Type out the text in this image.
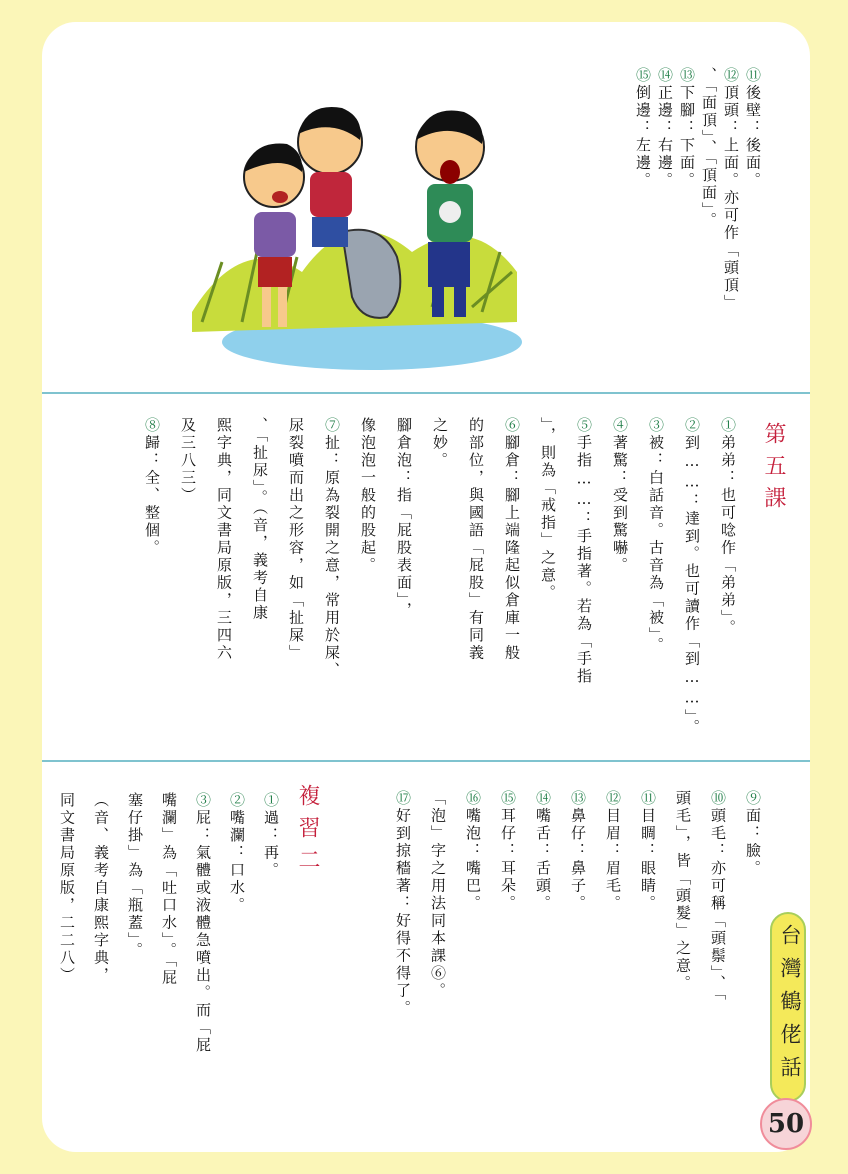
第五課
複習二
⑪後壁：後面。
⑫頂頭：上面。亦可作「頭頂」
、「面頂」、「頂面」。
⑬下腳：下面。
⑭正邊：右邊。
⑮倒邊：左邊。
①弟弟：也可唸作「弟弟」。
②到……：達到。也可讀作「到……」。
③被：白話音。古音為「被」。
④著驚：受到驚嚇。
⑤手指……：手指著。若為「手指
」，則為「戒指」之意。
⑥腳倉：腳上端隆起似倉庫一般
的部位，與國語「屁股」有同義
之妙。
腳倉泡：指「屁股表面」，
像泡泡一般的股起。
⑦扯：原為裂開之意，常用於屎、
尿裂噴而出之形容，如「扯屎」
、「扯尿」。（音，義考自康
熙字典，同文書局原版，三四六
及三八三）
⑧歸：全、整個。
⑨面：臉。
⑩頭毛：亦可稱「頭鬃」、「
頭毛」，皆「頭髮」之意。
⑪目睭：眼睛。
⑫目眉：眉毛。
⑬鼻仔：鼻子。
⑭嘴舌：舌頭。
⑮耳仔：耳朵。
⑯嘴泡：嘴巴。
「泡」字之用法同本課⑥。
⑰好到掠穡著：好得不得了。
①過：再。
②嘴瀾：口水。
③屁：氣體或液體急噴出。而「屁
嘴瀾」為「吐口水」。「屁
塞仔掛」為「瓶蓋」。
（音、義考自康熙字典，
同文書局原版，二二八）
台灣鶴佬話
50
